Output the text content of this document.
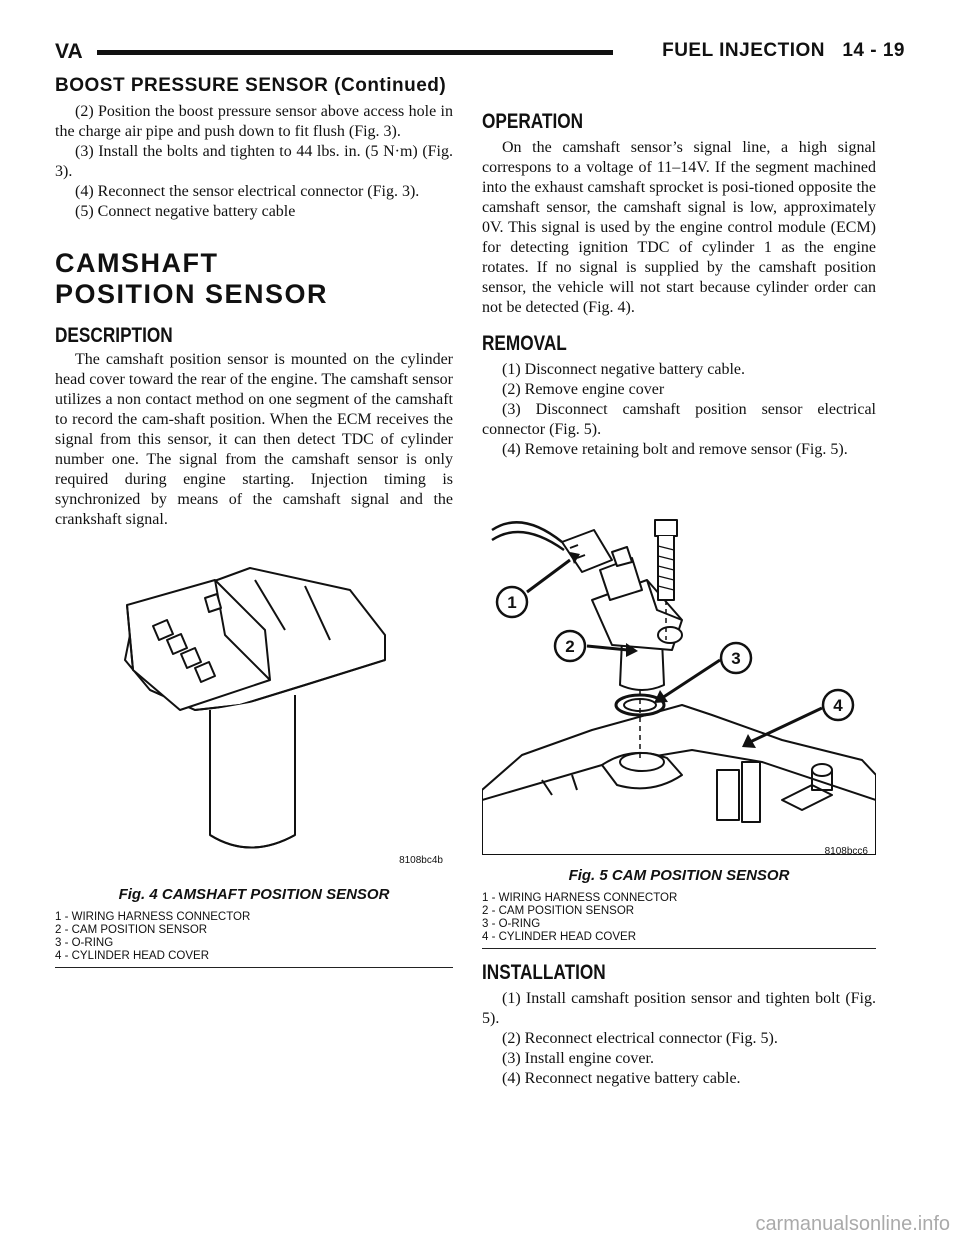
VA	FUEL INJECTION   14 - 19
BOOST PRESSURE SENSOR (Continued)

(2) Position the boost pressure sensor above access hole in the charge air pipe and push down to fit flush (Fig. 3).

(3) Install the bolts and tighten to 44 lbs. in. (5 N·m) (Fig. 3).

(4) Reconnect the sensor electrical connector (Fig. 3).

(5) Connect negative battery cable

CAMSHAFT POSITION SENSOR
DESCRIPTION

The camshaft position sensor is mounted on the cylinder head cover toward the rear of the engine. The camshaft sensor utilizes a non contact method on one segment of the camshaft to record the cam-shaft position. When the ECM receives the signal from this sensor, it can then detect TDC of cylinder number one. The signal from the camshaft sensor is only required during engine starting. Injection timing is synchronized by means of the camshaft signal and the crankshaft signal.

8108bc4b
Fig. 4 CAMSHAFT POSITION SENSOR
1 - WIRING HARNESS CONNECTOR
2 - CAM POSITION SENSOR
3 - O-RING
4 - CYLINDER HEAD COVER
OPERATION

On the camshaft sensor’s signal line, a high signal correspons to a voltage of 11–14V. If the segment machined into the exhaust camshaft sprocket is posi-tioned opposite the camshaft sensor, the camshaft signal is low, approximately 0V. This signal is used by the engine control module (ECM) for detecting ignition TDC of cylinder 1 as the engine rotates. If no signal is supplied by the camshaft position sensor, the vehicle will not start because cylinder order can not be detected (Fig. 4).

REMOVAL

(1) Disconnect negative battery cable.

(2) Remove engine cover

(3) Disconnect camshaft position sensor electrical connector (Fig. 5).

(4) Remove retaining bolt and remove sensor (Fig. 5).

1
2
3
4
8108bcc6
Fig. 5 CAM POSITION SENSOR
1 - WIRING HARNESS CONNECTOR
2 - CAM POSITION SENSOR
3 - O-RING
4 - CYLINDER HEAD COVER
INSTALLATION

(1) Install camshaft position sensor and tighten bolt (Fig. 5).

(2) Reconnect electrical connector (Fig. 5).

(3) Install engine cover.

(4) Reconnect negative battery cable.

carmanualsonline.info
